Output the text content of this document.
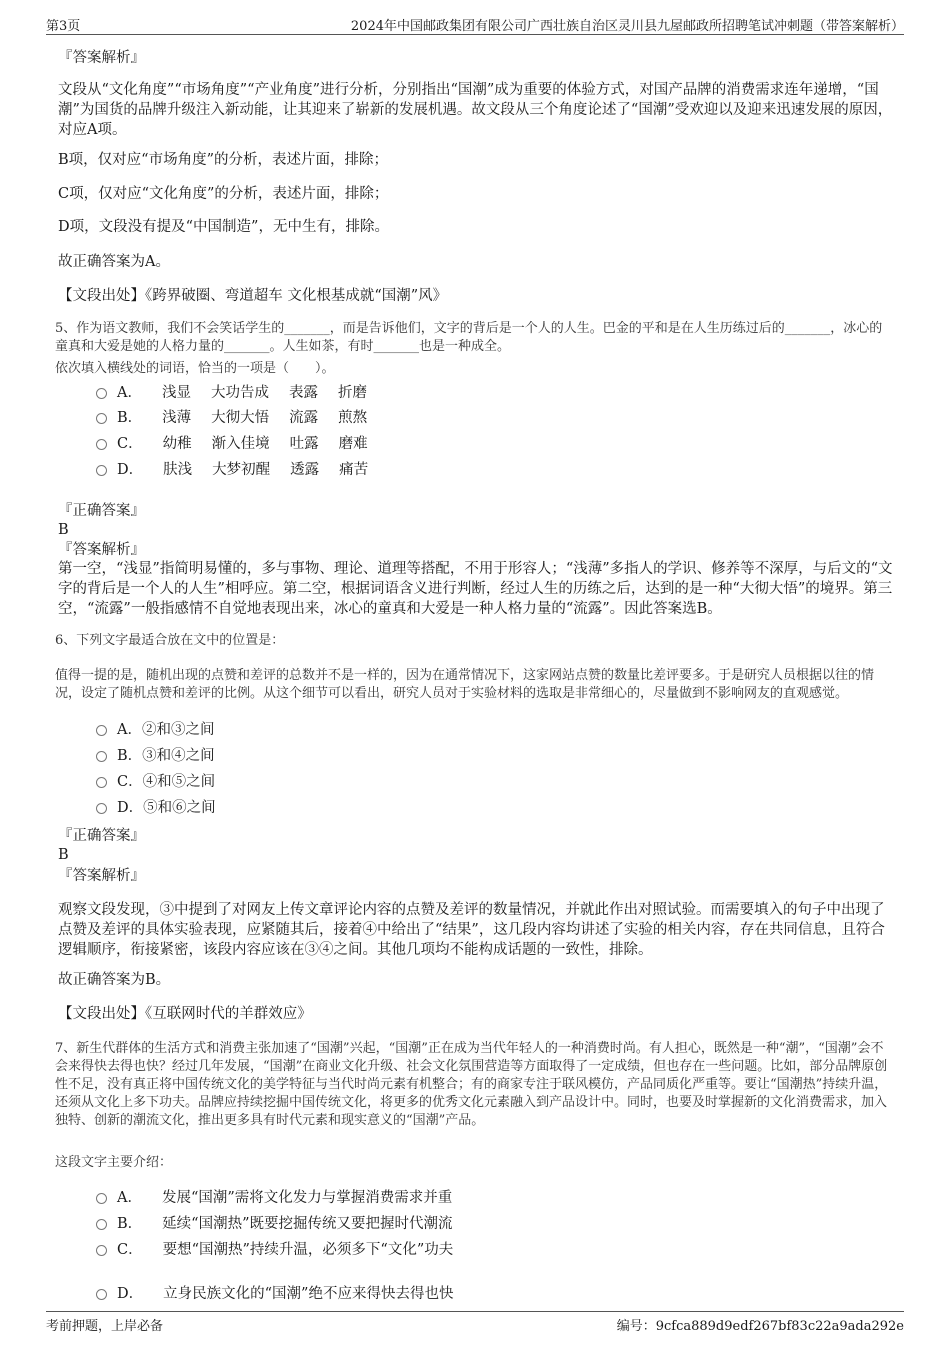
第3页	2024年中国邮政集团有限公司广西壮族自治区灵川县九屋邮政所招聘笔试冲刺题（带答案解析）
『答案解析』
文段从“文化角度”“市场角度”“产业角度”进行分析，分别指出“国潮”成为重要的体验方式，对国产品牌的消费需求连年递增，“国潮”为国货的品牌升级注入新动能，让其迎来了崭新的发展机遇。故文段从三个角度论述了“国潮”受欢迎以及迎来迅速发展的原因，对应A项。
B项，仅对应“市场角度”的分析，表述片面，排除；
C项，仅对应“文化角度”的分析，表述片面，排除；
D项，文段没有提及“中国制造”，无中生有，排除。
故正确答案为A。
【文段出处】《跨界破圈、弯道超车 文化根基成就“国潮”风》
5、作为语文教师，我们不会笑话学生的_______，而是告诉他们，文字的背后是一个人的人生。巴金的平和是在人生历练过后的_______，冰心的童真和大爱是她的人格力量的_______。人生如茶，有时_______也是一种成全。
依次填入横线处的词语，恰当的一项是（　　）。
A． 浅显 大功告成 表露 折磨
B． 浅薄 大彻大悟 流露 煎熬
C． 幼稚 渐入佳境 吐露 磨难
D． 肤浅 大梦初醒 透露 痛苦
『正确答案』
B
『答案解析』
第一空，“浅显”指简明易懂的，多与事物、理论、道理等搭配，不用于形容人；“浅薄”多指人的学识、修养等不深厚，与后文的“文字的背后是一个人的人生”相呼应。第二空，根据词语含义进行判断，经过人生的历练之后，达到的是一种“大彻大悟”的境界。第三空，“流露”一般指感情不自觉地表现出来，冰心的童真和大爱是一种人格力量的“流露”。因此答案选B。
6、下列文字最适合放在文中的位置是：
值得一提的是，随机出现的点赞和差评的总数并不是一样的，因为在通常情况下，这家网站点赞的数量比差评要多。于是研究人员根据以往的情况，设定了随机点赞和差评的比例。从这个细节可以看出，研究人员对于实验材料的选取是非常细心的，尽量做到不影响网友的直观感觉。
A．②和③之间
B．③和④之间
C．④和⑤之间
D．⑤和⑥之间
『正确答案』
B
『答案解析』
观察文段发现，③中提到了对网友上传文章评论内容的点赞及差评的数量情况，并就此作出对照试验。而需要填入的句子中出现了点赞及差评的具体实验表现，应紧随其后，接着④中给出了“结果”，这几段内容均讲述了实验的相关内容，存在共同信息，且符合逻辑顺序，衔接紧密，该段内容应该在③④之间。其他几项均不能构成话题的一致性，排除。
故正确答案为B。
【文段出处】《互联网时代的羊群效应》
7、新生代群体的生活方式和消费主张加速了“国潮”兴起，“国潮”正在成为当代年轻人的一种消费时尚。有人担心，既然是一种“潮”，“国潮”会不会来得快去得也快？经过几年发展，“国潮”在商业文化升级、社会文化氛围营造等方面取得了一定成绩，但也存在一些问题。比如，部分品牌原创性不足，没有真正将中国传统文化的美学特征与当代时尚元素有机整合；有的商家专注于联风模仿，产品同质化严重等。要让“国潮热”持续升温，还须从文化上多下功夫。品牌应持续挖掘中国传统文化，将更多的优秀文化元素融入到产品设计中。同时，也要及时掌握新的文化消费需求，加入独特、创新的潮流文化，推出更多具有时代元素和现实意义的“国潮”产品。
这段文字主要介绍：
A． 发展“国潮”需将文化发力与掌握消费需求并重
B． 延续“国潮热”既要挖掘传统又要把握时代潮流
C． 要想“国潮热”持续升温，必须多下“文化”功夫
D． 立身民族文化的“国潮”绝不应来得快去得也快
考前押题，上岸必备	编号：9cfca889d9edf267bf83c22a9ada292e
